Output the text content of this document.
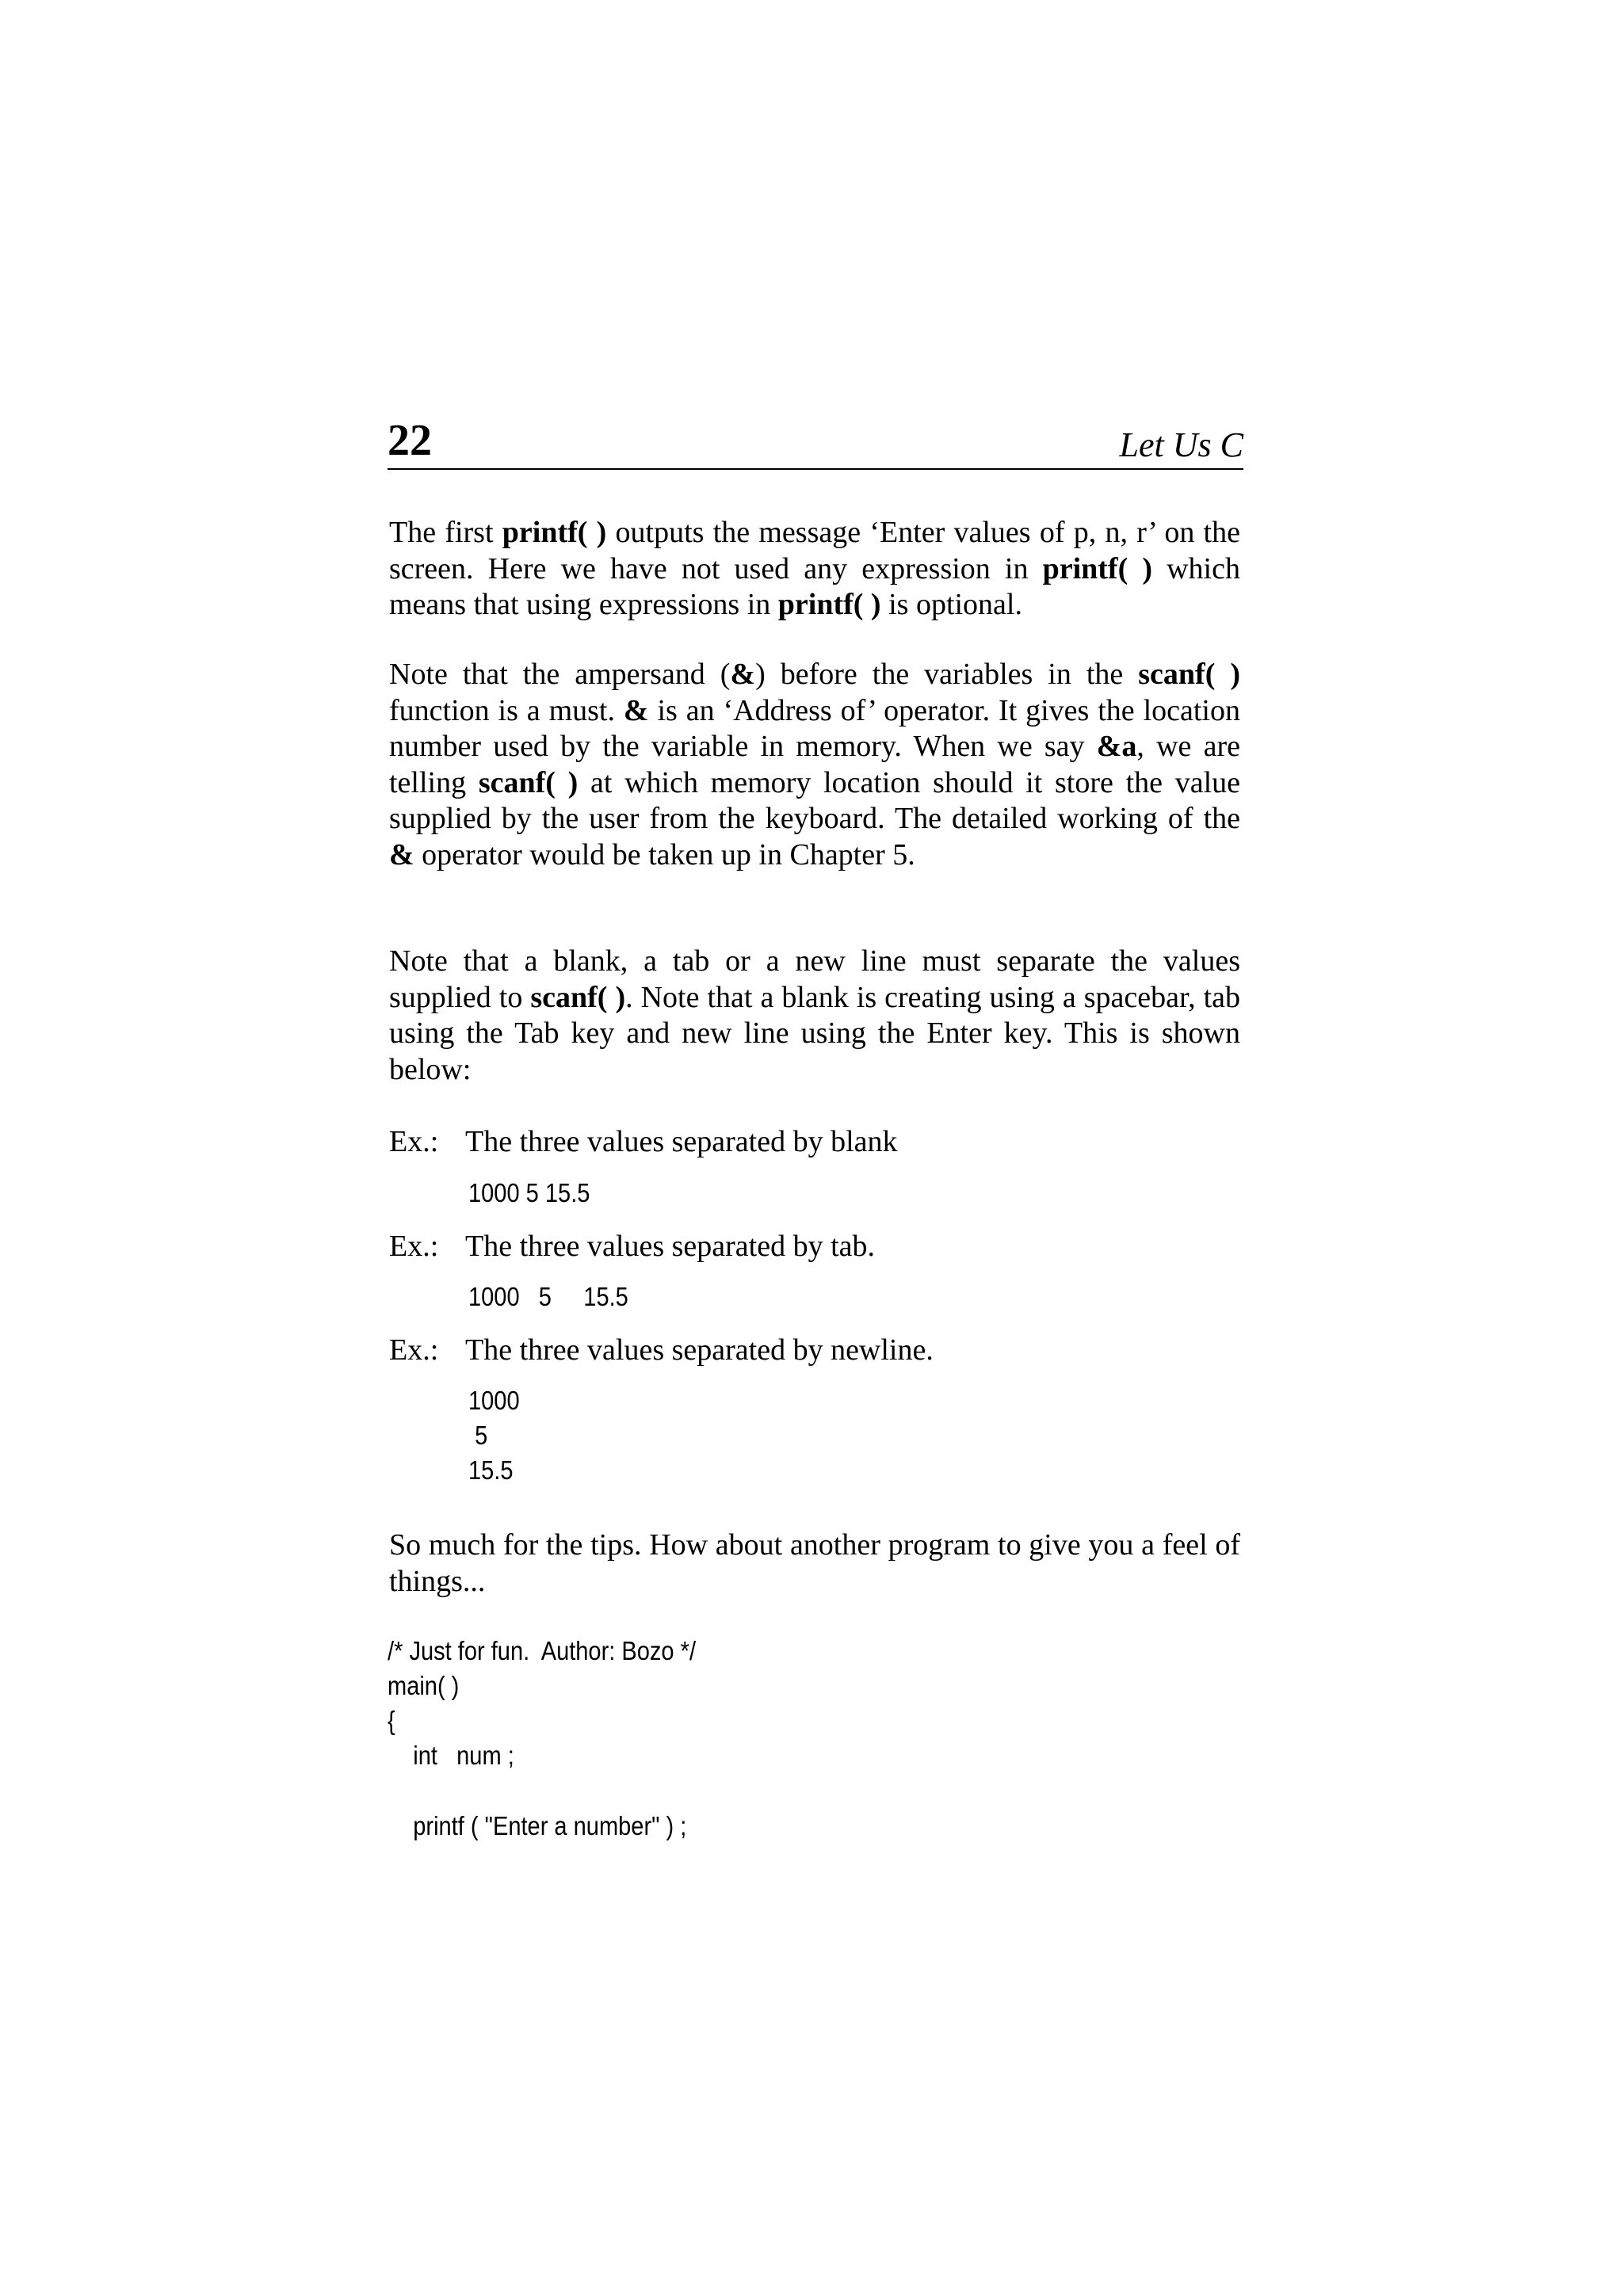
22	Let Us C

The first printf( ) outputs the message ‘Enter values of p, n, r’ on the screen. Here we have not used any expression in printf( ) which means that using expressions in printf( ) is optional.

Note that the ampersand (&) before the variables in the scanf( ) function is a must. & is an ‘Address of’ operator. It gives the location number used by the variable in memory. When we say &a, we are telling scanf( ) at which memory location should it store the value supplied by the user from the keyboard. The detailed working of the & operator would be taken up in Chapter 5.

Note that a blank, a tab or a new line must separate the values supplied to scanf( ). Note that a blank is creating using a spacebar, tab using the Tab key and new line using the Enter key. This is shown below:

Ex.: The three values separated by blank
1000 5 15.5
Ex.: The three values separated by tab.
1000   5     15.5
Ex.: The three values separated by newline.
1000
5
15.5

So much for the tips. How about another program to give you a feel of things...

/* Just for fun.  Author: Bozo */
main( )
{
int   num ;
printf ( "Enter a number" ) ;
